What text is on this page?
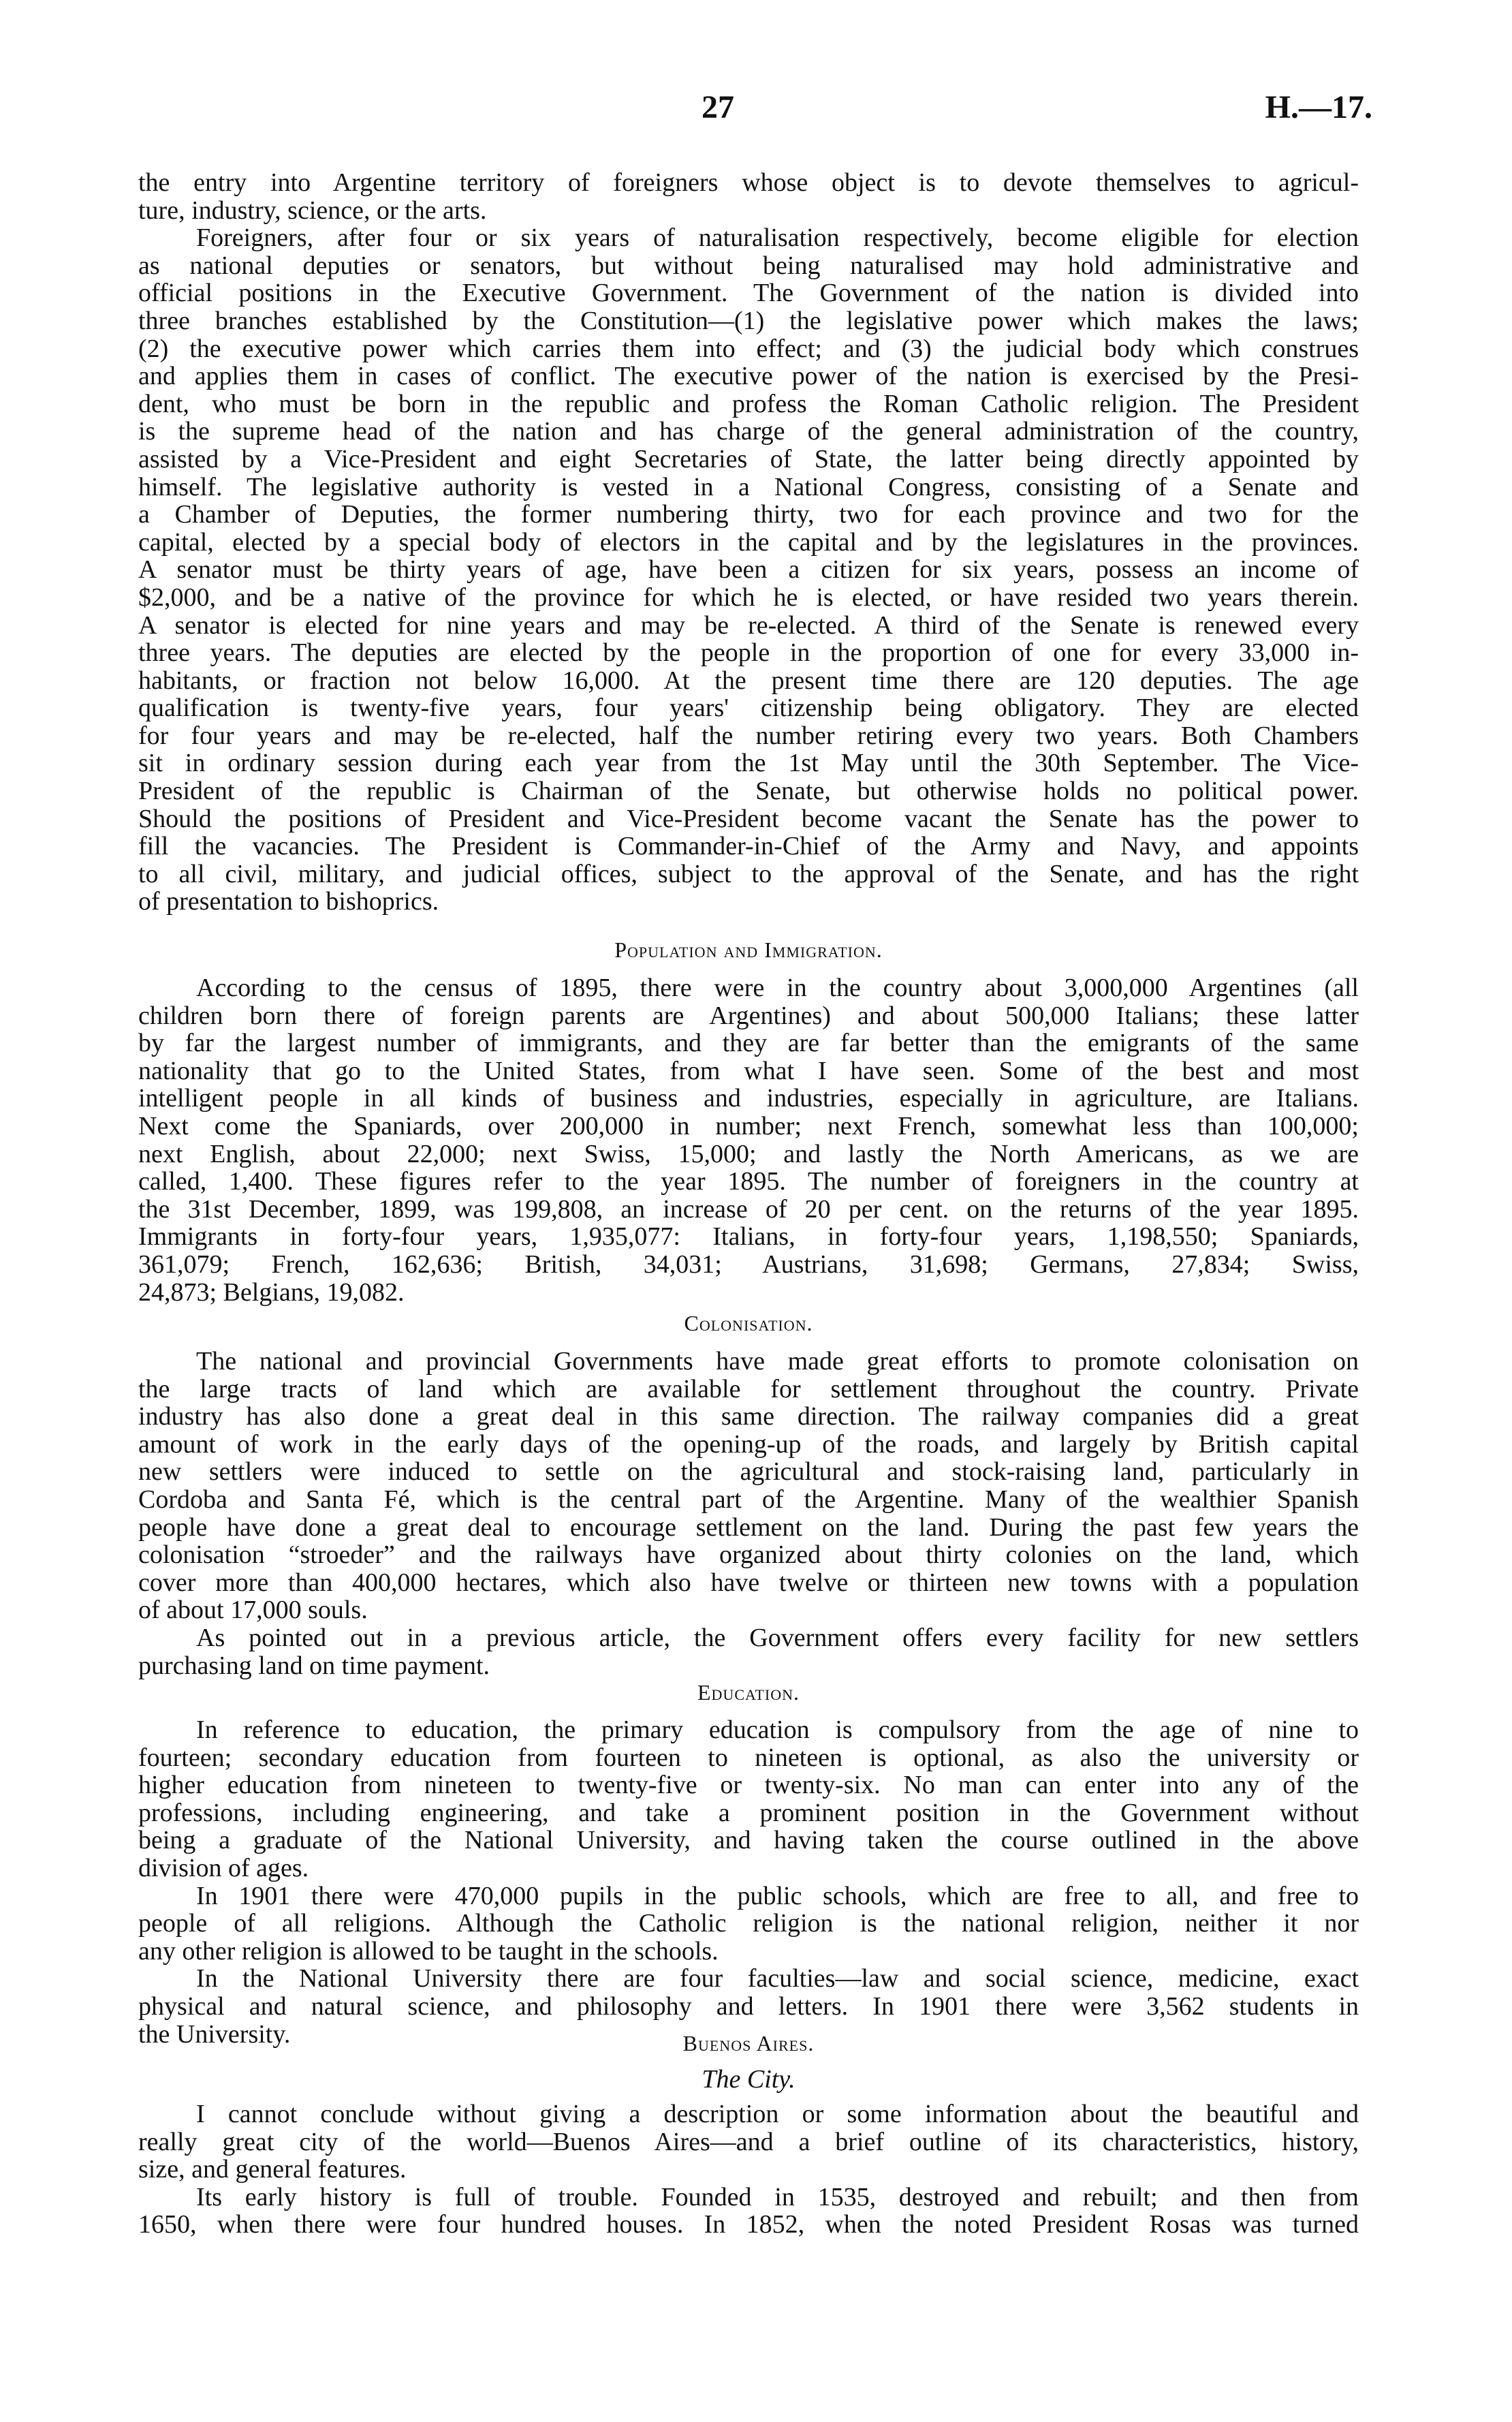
27	H.—17.
the entry into Argentine territory of foreigners whose object is to devote themselves to agricul-
ture, industry, science, or the arts.
Foreigners, after four or six years of naturalisation respectively, become eligible for election
as national deputies or senators, but without being naturalised may hold administrative and
official positions in the Executive Government. The Government of the nation is divided into
three branches established by the Constitution—(1) the legislative power which makes the laws;
(2) the executive power which carries them into effect; and (3) the judicial body which construes
and applies them in cases of conflict. The executive power of the nation is exercised by the Presi-
dent, who must be born in the republic and profess the Roman Catholic religion. The President
is the supreme head of the nation and has charge of the general administration of the country,
assisted by a Vice-President and eight Secretaries of State, the latter being directly appointed by
himself. The legislative authority is vested in a National Congress, consisting of a Senate and
a Chamber of Deputies, the former numbering thirty, two for each province and two for the
capital, elected by a special body of electors in the capital and by the legislatures in the provinces.
A senator must be thirty years of age, have been a citizen for six years, possess an income of
$2,000, and be a native of the province for which he is elected, or have resided two years therein.
A senator is elected for nine years and may be re-elected. A third of the Senate is renewed every
three years. The deputies are elected by the people in the proportion of one for every 33,000 in-
habitants, or fraction not below 16,000. At the present time there are 120 deputies. The age
qualification is twenty-five years, four years' citizenship being obligatory. They are elected
for four years and may be re-elected, half the number retiring every two years. Both Chambers
sit in ordinary session during each year from the 1st May until the 30th September. The Vice-
President of the republic is Chairman of the Senate, but otherwise holds no political power.
Should the positions of President and Vice-President become vacant the Senate has the power to
fill the vacancies. The President is Commander-in-Chief of the Army and Navy, and appoints
to all civil, military, and judicial offices, subject to the approval of the Senate, and has the right
of presentation to bishoprics.
Population and Immigration.
According to the census of 1895, there were in the country about 3,000,000 Argentines (all
children born there of foreign parents are Argentines) and about 500,000 Italians; these latter
by far the largest number of immigrants, and they are far better than the emigrants of the same
nationality that go to the United States, from what I have seen. Some of the best and most
intelligent people in all kinds of business and industries, especially in agriculture, are Italians.
Next come the Spaniards, over 200,000 in number; next French, somewhat less than 100,000;
next English, about 22,000; next Swiss, 15,000; and lastly the North Americans, as we are
called, 1,400. These figures refer to the year 1895. The number of foreigners in the country at
the 31st December, 1899, was 199,808, an increase of 20 per cent. on the returns of the year 1895.
Immigrants in forty-four years, 1,935,077: Italians, in forty-four years, 1,198,550; Spaniards,
361,079; French, 162,636; British, 34,031; Austrians, 31,698; Germans, 27,834; Swiss,
24,873; Belgians, 19,082.
Colonisation.
The national and provincial Governments have made great efforts to promote colonisation on
the large tracts of land which are available for settlement throughout the country. Private
industry has also done a great deal in this same direction. The railway companies did a great
amount of work in the early days of the opening-up of the roads, and largely by British capital
new settlers were induced to settle on the agricultural and stock-raising land, particularly in
Cordoba and Santa Fé, which is the central part of the Argentine. Many of the wealthier Spanish
people have done a great deal to encourage settlement on the land. During the past few years the
colonisation “stroeder” and the railways have organized about thirty colonies on the land, which
cover more than 400,000 hectares, which also have twelve or thirteen new towns with a population
of about 17,000 souls.
As pointed out in a previous article, the Government offers every facility for new settlers
purchasing land on time payment.
Education.
In reference to education, the primary education is compulsory from the age of nine to
fourteen; secondary education from fourteen to nineteen is optional, as also the university or
higher education from nineteen to twenty-five or twenty-six. No man can enter into any of the
professions, including engineering, and take a prominent position in the Government without
being a graduate of the National University, and having taken the course outlined in the above
division of ages.
In 1901 there were 470,000 pupils in the public schools, which are free to all, and free to
people of all religions. Although the Catholic religion is the national religion, neither it nor
any other religion is allowed to be taught in the schools.
In the National University there are four faculties—law and social science, medicine, exact
physical and natural science, and philosophy and letters. In 1901 there were 3,562 students in
the University.	Buenos Aires.
The City.
I cannot conclude without giving a description or some information about the beautiful and
really great city of the world—Buenos Aires—and a brief outline of its characteristics, history,
size, and general features.
Its early history is full of trouble. Founded in 1535, destroyed and rebuilt; and then from
1650, when there were four hundred houses. In 1852, when the noted President Rosas was turned
